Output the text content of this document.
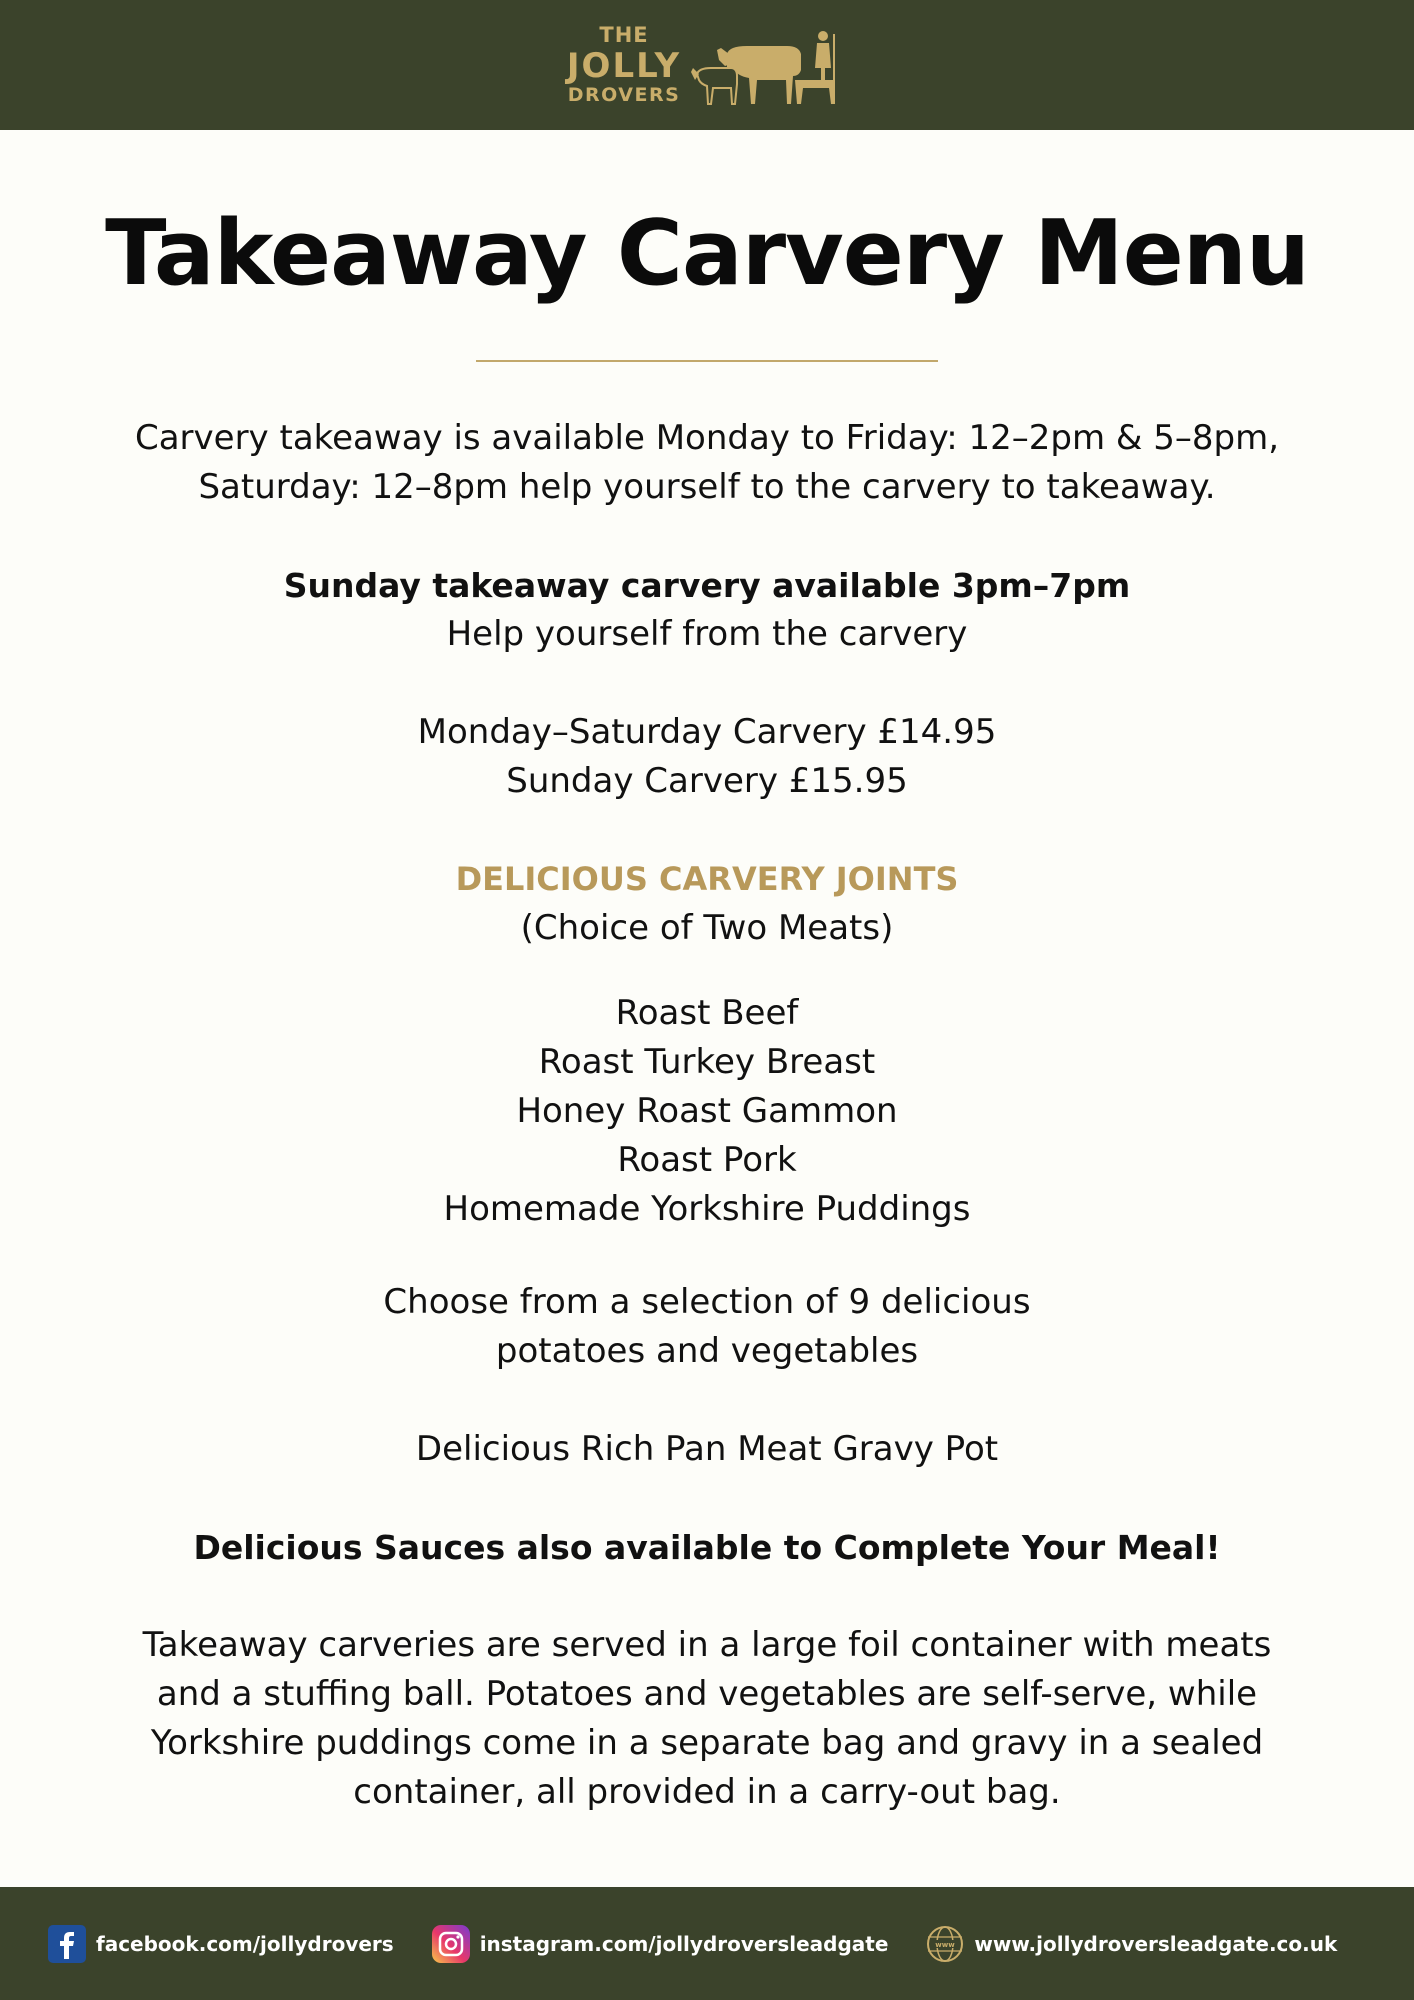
THE
JOLLY
DROVERS
Takeaway Carvery Menu
Carvery takeaway is available Monday to Friday: 12–2pm & 5–8pm,
Saturday: 12–8pm help yourself to the carvery to takeaway.
Sunday takeaway carvery available 3pm–7pm
Help yourself from the carvery
Monday–Saturday Carvery £14.95
Sunday Carvery £15.95
DELICIOUS CARVERY JOINTS
(Choice of Two Meats)
Roast Beef
Roast Turkey Breast
Honey Roast Gammon
Roast Pork
Homemade Yorkshire Puddings
Choose from a selection of 9 delicious
potatoes and vegetables
Delicious Rich Pan Meat Gravy Pot
Delicious Sauces also available to Complete Your Meal!
Takeaway carveries are served in a large foil container with meats
and a stuffing ball. Potatoes and vegetables are self-serve, while
Yorkshire puddings come in a separate bag and gravy in a sealed
container, all provided in a carry-out bag.
facebook.com/jollydrovers	instagram.com/jollydroversleadgate	www www.jollydroversleadgate.co.uk
